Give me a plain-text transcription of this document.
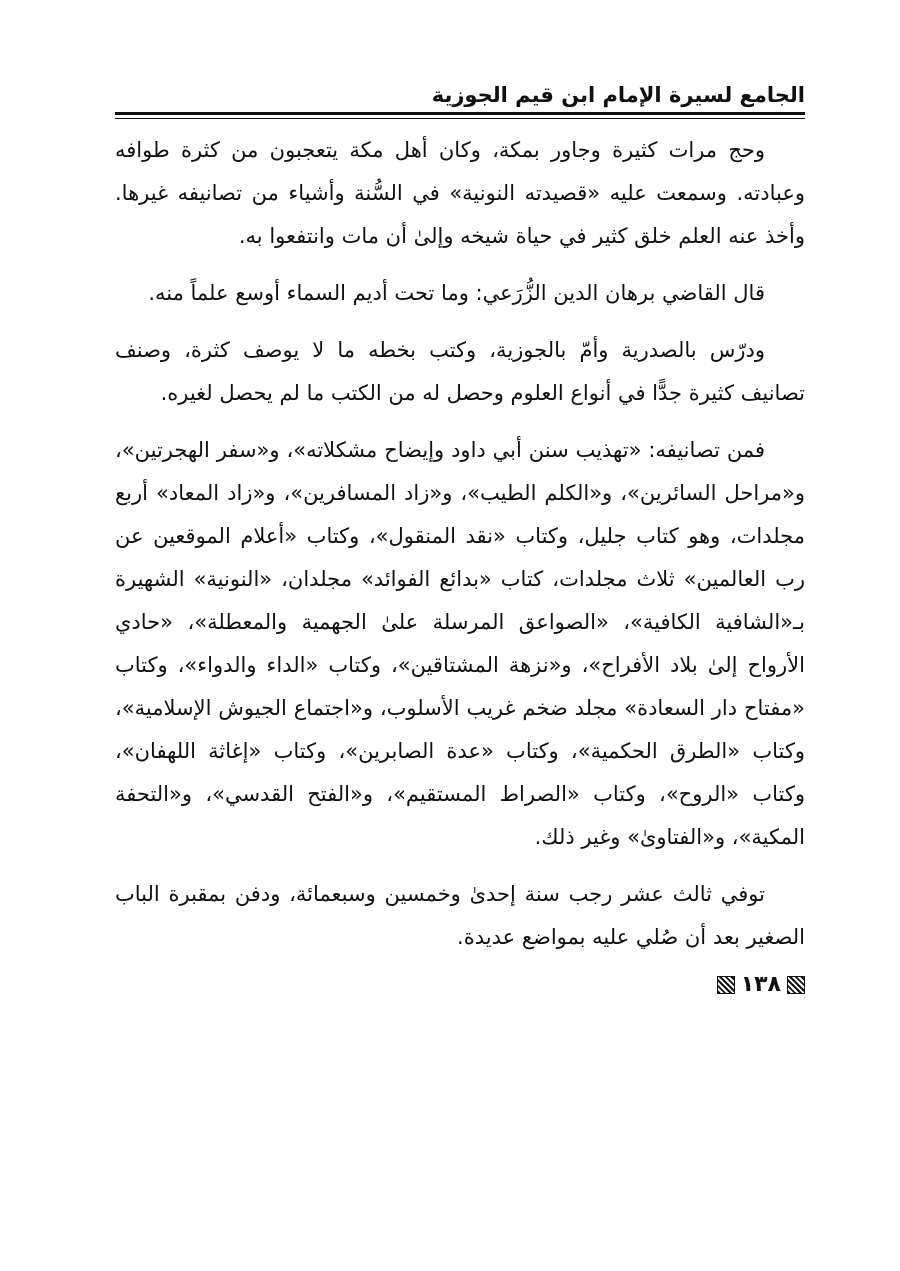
الجامع لسيرة الإمام ابن قيم الجوزية

وحج مرات كثيرة وجاور بمكة، وكان أهل مكة يتعجبون من كثرة طوافه وعبادته. وسمعت عليه «قصيدته النونية» في السُّنة وأشياء من تصانيفه غيرها. وأخذ عنه العلم خلق كثير في حياة شيخه وإلىٰ أن مات وانتفعوا به.

قال القاضي برهان الدين الزُّرَعي: وما تحت أديم السماء أوسع علماً منه.

ودرّس بالصدرية وأمّ بالجوزية، وكتب بخطه ما لا يوصف كثرة، وصنف تصانيف كثيرة جدًّا في أنواع العلوم وحصل له من الكتب ما لم يحصل لغيره.

فمن تصانيفه: «تهذيب سنن أبي داود وإيضاح مشكلاته»، و«سفر الهجرتين»، و«مراحل السائرين»، و«الكلم الطيب»، و«زاد المسافرين»، و«زاد المعاد» أربع مجلدات، وهو كتاب جليل، وكتاب «نقد المنقول»، وكتاب «أعلام الموقعين عن رب العالمين» ثلاث مجلدات، كتاب «بدائع الفوائد» مجلدان، «النونية» الشهيرة بـ«الشافية الكافية»، «الصواعق المرسلة علىٰ الجهمية والمعطلة»، «حادي الأرواح إلىٰ بلاد الأفراح»، و«نزهة المشتاقين»، وكتاب «الداء والدواء»، وكتاب «مفتاح دار السعادة» مجلد ضخم غريب الأسلوب، و«اجتماع الجيوش الإسلامية»، وكتاب «الطرق الحكمية»، وكتاب «عدة الصابرين»، وكتاب «إغاثة اللهفان»، وكتاب «الروح»، وكتاب «الصراط المستقيم»، و«الفتح القدسي»، و«التحفة المكية»، و«الفتاوىٰ» وغير ذلك.

توفي ثالث عشر رجب سنة إحدىٰ وخمسين وسبعمائة، ودفن بمقبرة الباب الصغير بعد أن صُلي عليه بمواضع عديدة.

١٣٨
